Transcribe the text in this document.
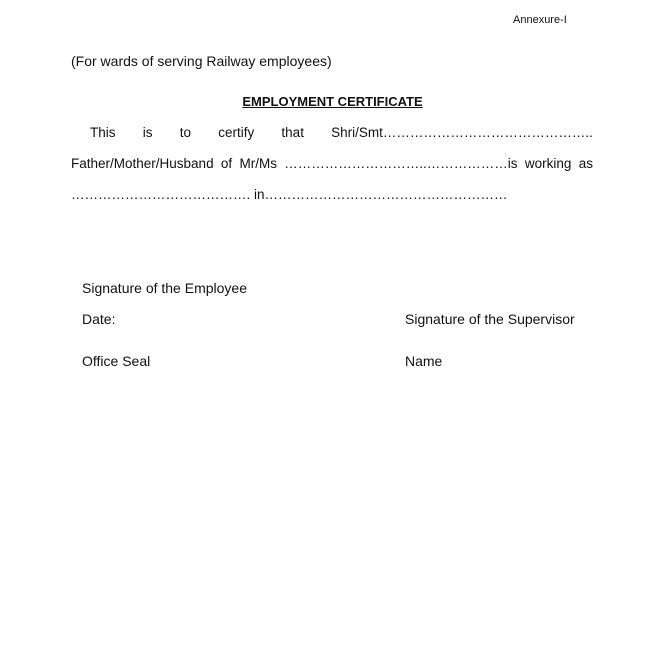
Annexure-I
(For wards of serving Railway employees)
EMPLOYMENT CERTIFICATE
This is to certify that Shri/Smt………………………………………..
Father/Mother/Husband of Mr/Ms …………………………..………………is working as
…………………………………. in………………………………………………
Signature of the Employee
Date:	Signature of the Supervisor
Office Seal	Name
